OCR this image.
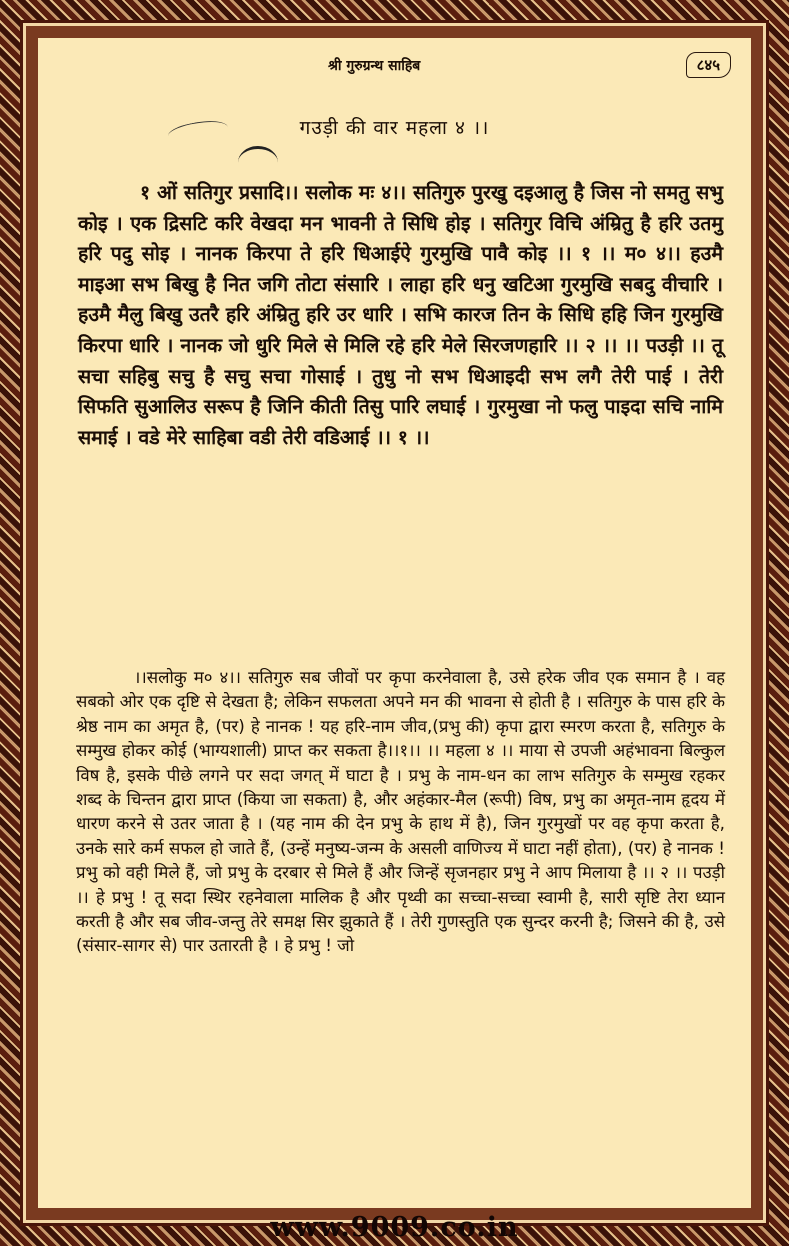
श्री गुरुग्रन्थ साहिब	८४५
गउड़ी की वार महला ४ ।।

१ ओं सतिगुर प्रसादि।। सलोक मः ४।। सतिगुरु पुरखु दइआलु है जिस नो समतु सभु कोइ । एक द्रिसटि करि वेखदा मन भावनी ते सिधि होइ । सतिगुर विचि अंम्रितु है हरि उतमु हरि पदु सोइ । नानक किरपा ते हरि धिआईऐ गुरमुखि पावै कोइ ।। १ ।। म० ४।। हउमै माइआ सभ बिखु है नित जगि तोटा संसारि । लाहा हरि धनु खटिआ गुरमुखि सबदु वीचारि । हउमै मैलु बिखु उतरै हरि अंम्रितु हरि उर धारि । सभि कारज तिन के सिधि हहि जिन गुरमुखि किरपा धारि । नानक जो धुरि मिले से मिलि रहे हरि मेले सिरजणहारि ।। २ ।। ।। पउड़ी ।। तू सचा सहिबु सचु है सचु सचा गोसाई । तुधु नो सभ धिआइदी सभ लगै तेरी पाई । तेरी सिफति सुआलिउ सरूप है जिनि कीती तिसु पारि लघाई । गुरमुखा नो फलु पाइदा सचि नामि समाई । वडे मेरे साहिबा वडी तेरी वडिआई ।। १ ।।

।।सलोकु म० ४।। सतिगुरु सब जीवों पर कृपा करनेवाला है, उसे हरेक जीव एक समान है । वह सबको ओर एक दृष्टि से देखता है; लेकिन सफलता अपने मन की भावना से होती है । सतिगुरु के पास हरि के श्रेष्ठ नाम का अमृत है, (पर) हे नानक ! यह हरि-नाम जीव,(प्रभु की) कृपा द्वारा स्मरण करता है, सतिगुरु के सम्मुख होकर कोई (भाग्यशाली) प्राप्त कर सकता है।।१।। ।। महला ४ ।। माया से उपजी अहंभावना बिल्कुल विष है, इसके पीछे लगने पर सदा जगत् में घाटा है । प्रभु के नाम-धन का लाभ सतिगुरु के सम्मुख रहकर शब्द के चिन्तन द्वारा प्राप्त (किया जा सकता) है, और अहंकार-मैल (रूपी) विष, प्रभु का अमृत-नाम हृदय में धारण करने से उतर जाता है । (यह नाम की देन प्रभु के हाथ में है), जिन गुरमुखों पर वह कृपा करता है, उनके सारे कर्म सफल हो जाते हैं, (उन्हें मनुष्य-जन्म के असली वाणिज्य में घाटा नहीं होता), (पर) हे नानक ! प्रभु को वही मिले हैं, जो प्रभु के दरबार से मिले हैं और जिन्हें सृजनहार प्रभु ने आप मिलाया है ।। २ ।। पउड़ी ।। हे प्रभु ! तू सदा स्थिर रहनेवाला मालिक है और पृथ्वी का सच्चा-सच्चा स्वामी है, सारी सृष्टि तेरा ध्यान करती है और सब जीव-जन्तु तेरे समक्ष सिर झुकाते हैं । तेरी गुणस्तुति एक सुन्दर करनी है; जिसने की है, उसे (संसार-सागर से) पार उतारती है । हे प्रभु ! जो

www.9009.co.in
